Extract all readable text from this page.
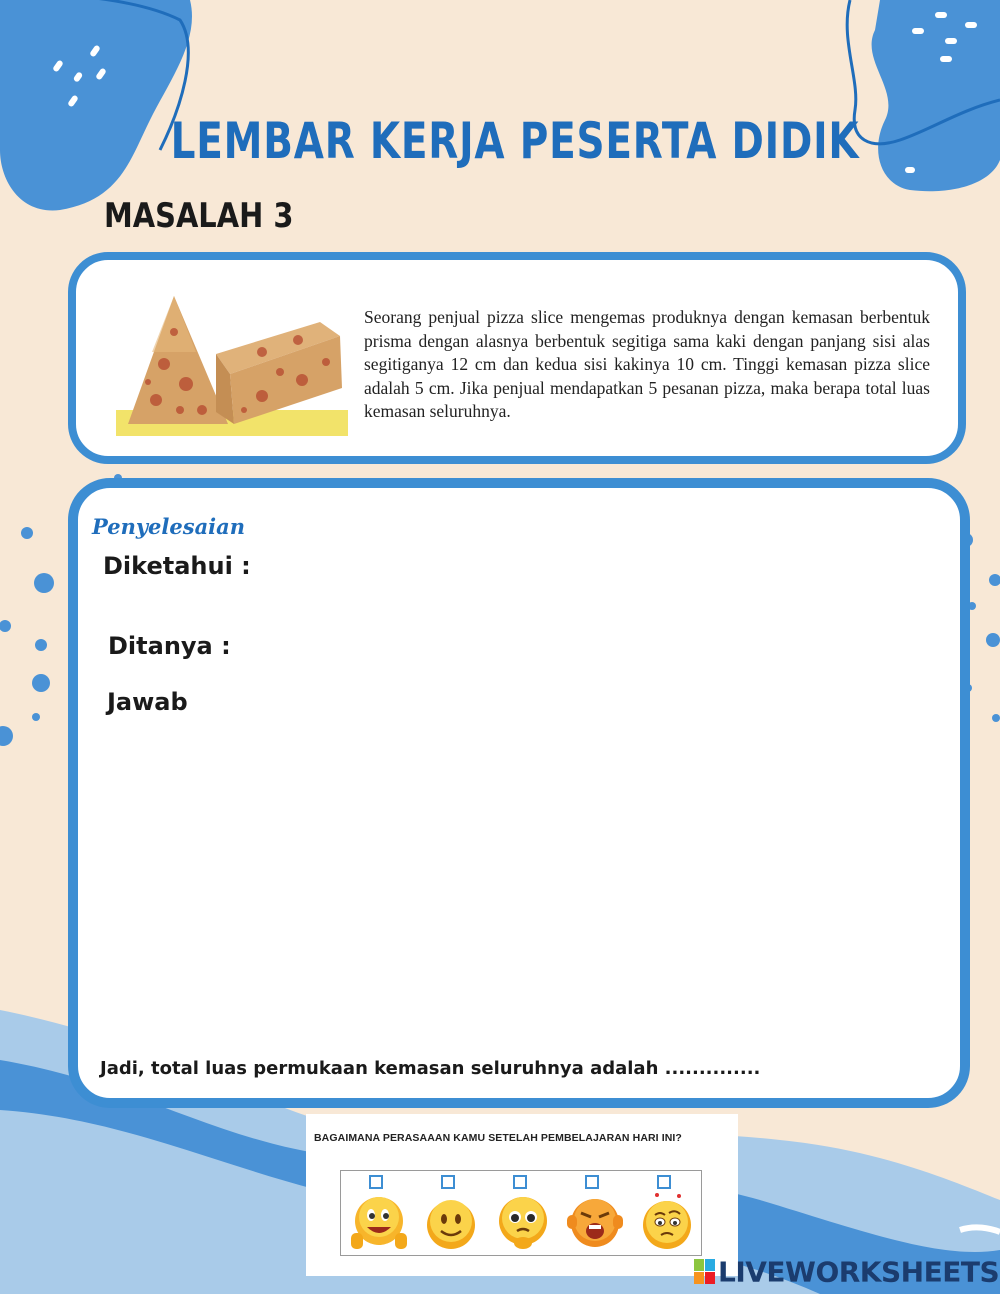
LEMBAR KERJA PESERTA DIDIK
MASALAH 3
Seorang penjual pizza slice mengemas produknya dengan kemasan berbentuk prisma dengan alasnya berbentuk segitiga sama kaki dengan panjang sisi alas segitiganya 12 cm dan kedua sisi kakinya 10 cm. Tinggi kemasan pizza slice adalah 5 cm. Jika penjual mendapatkan 5 pesanan pizza, maka berapa total luas kemasan seluruhnya.
Penyelesaian
Diketahui :
Ditanya :
Jawab
Jadi, total luas permukaan kemasan seluruhnya adalah ..............
BAGAIMANA PERASAAAN KAMU SETELAH PEMBELAJARAN HARI INI?
LIVEWORKSHEETS
